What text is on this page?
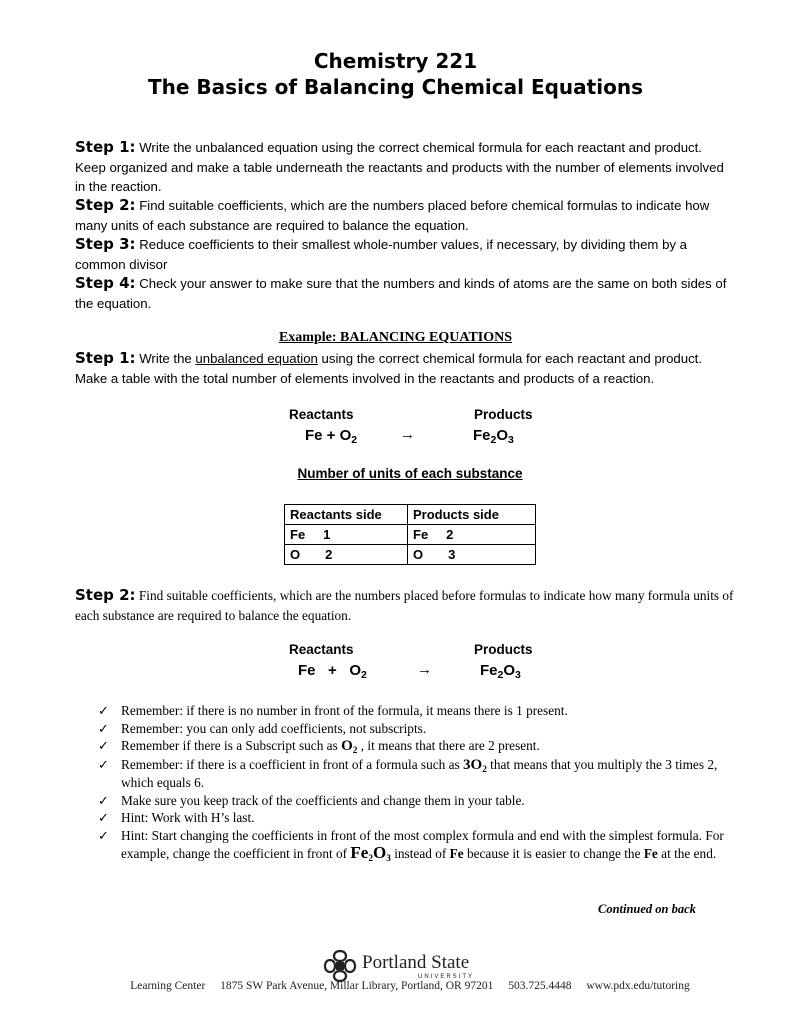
Chemistry 221
The Basics of Balancing Chemical Equations
Step 1: Write the unbalanced equation using the correct chemical formula for each reactant and product. Keep organized and make a table underneath the reactants and products with the number of elements involved in the reaction.
Step 2: Find suitable coefficients, which are the numbers placed before chemical formulas to indicate how many units of each substance are required to balance the equation.
Step 3: Reduce coefficients to their smallest whole-number values, if necessary, by dividing them by a common divisor
Step 4: Check your answer to make sure that the numbers and kinds of atoms are the same on both sides of the equation.
Example: BALANCING EQUATIONS
Step 1: Write the unbalanced equation using the correct chemical formula for each reactant and product. Make a table with the total number of elements involved in the reactants and products of a reaction.
Reactants	Products
$Fe + O_2$	→	$Fe_2O_3$
Number of units of each substance
Reactants side	Products side
Fe 1	Fe 2
O 2	O 3
Step 2: Find suitable coefficients, which are the numbers placed before formulas to indicate how many formula units of each substance are required to balance the equation.
Reactants	Products
$Fe + O_2$	→	$Fe_2O_3$
✓ Remember: if there is no number in front of the formula, it means there is 1 present.
✓ Remember: you can only add coefficients, not subscripts.
✓ Remember if there is a Subscript such as $O_2$ , it means that there are 2 present.
✓ Remember: if there is a coefficient in front of a formula such as $3O_2$ that means that you multiply the 3 times 2, which equals 6.
✓ Make sure you keep track of the coefficients and change them in your table.
✓ Hint: Work with H’s last.
✓ Hint: Start changing the coefficients in front of the most complex formula and end with the simplest formula. For example, change the coefficient in front of $Fe_2O_3$ instead of Fe because it is easier to change the Fe at the end.
Continued on back
Portland State
UNIVERSITY
Learning Center 1875 SW Park Avenue, Millar Library, Portland, OR 97201 503.725.4448 www.pdx.edu/tutoring
